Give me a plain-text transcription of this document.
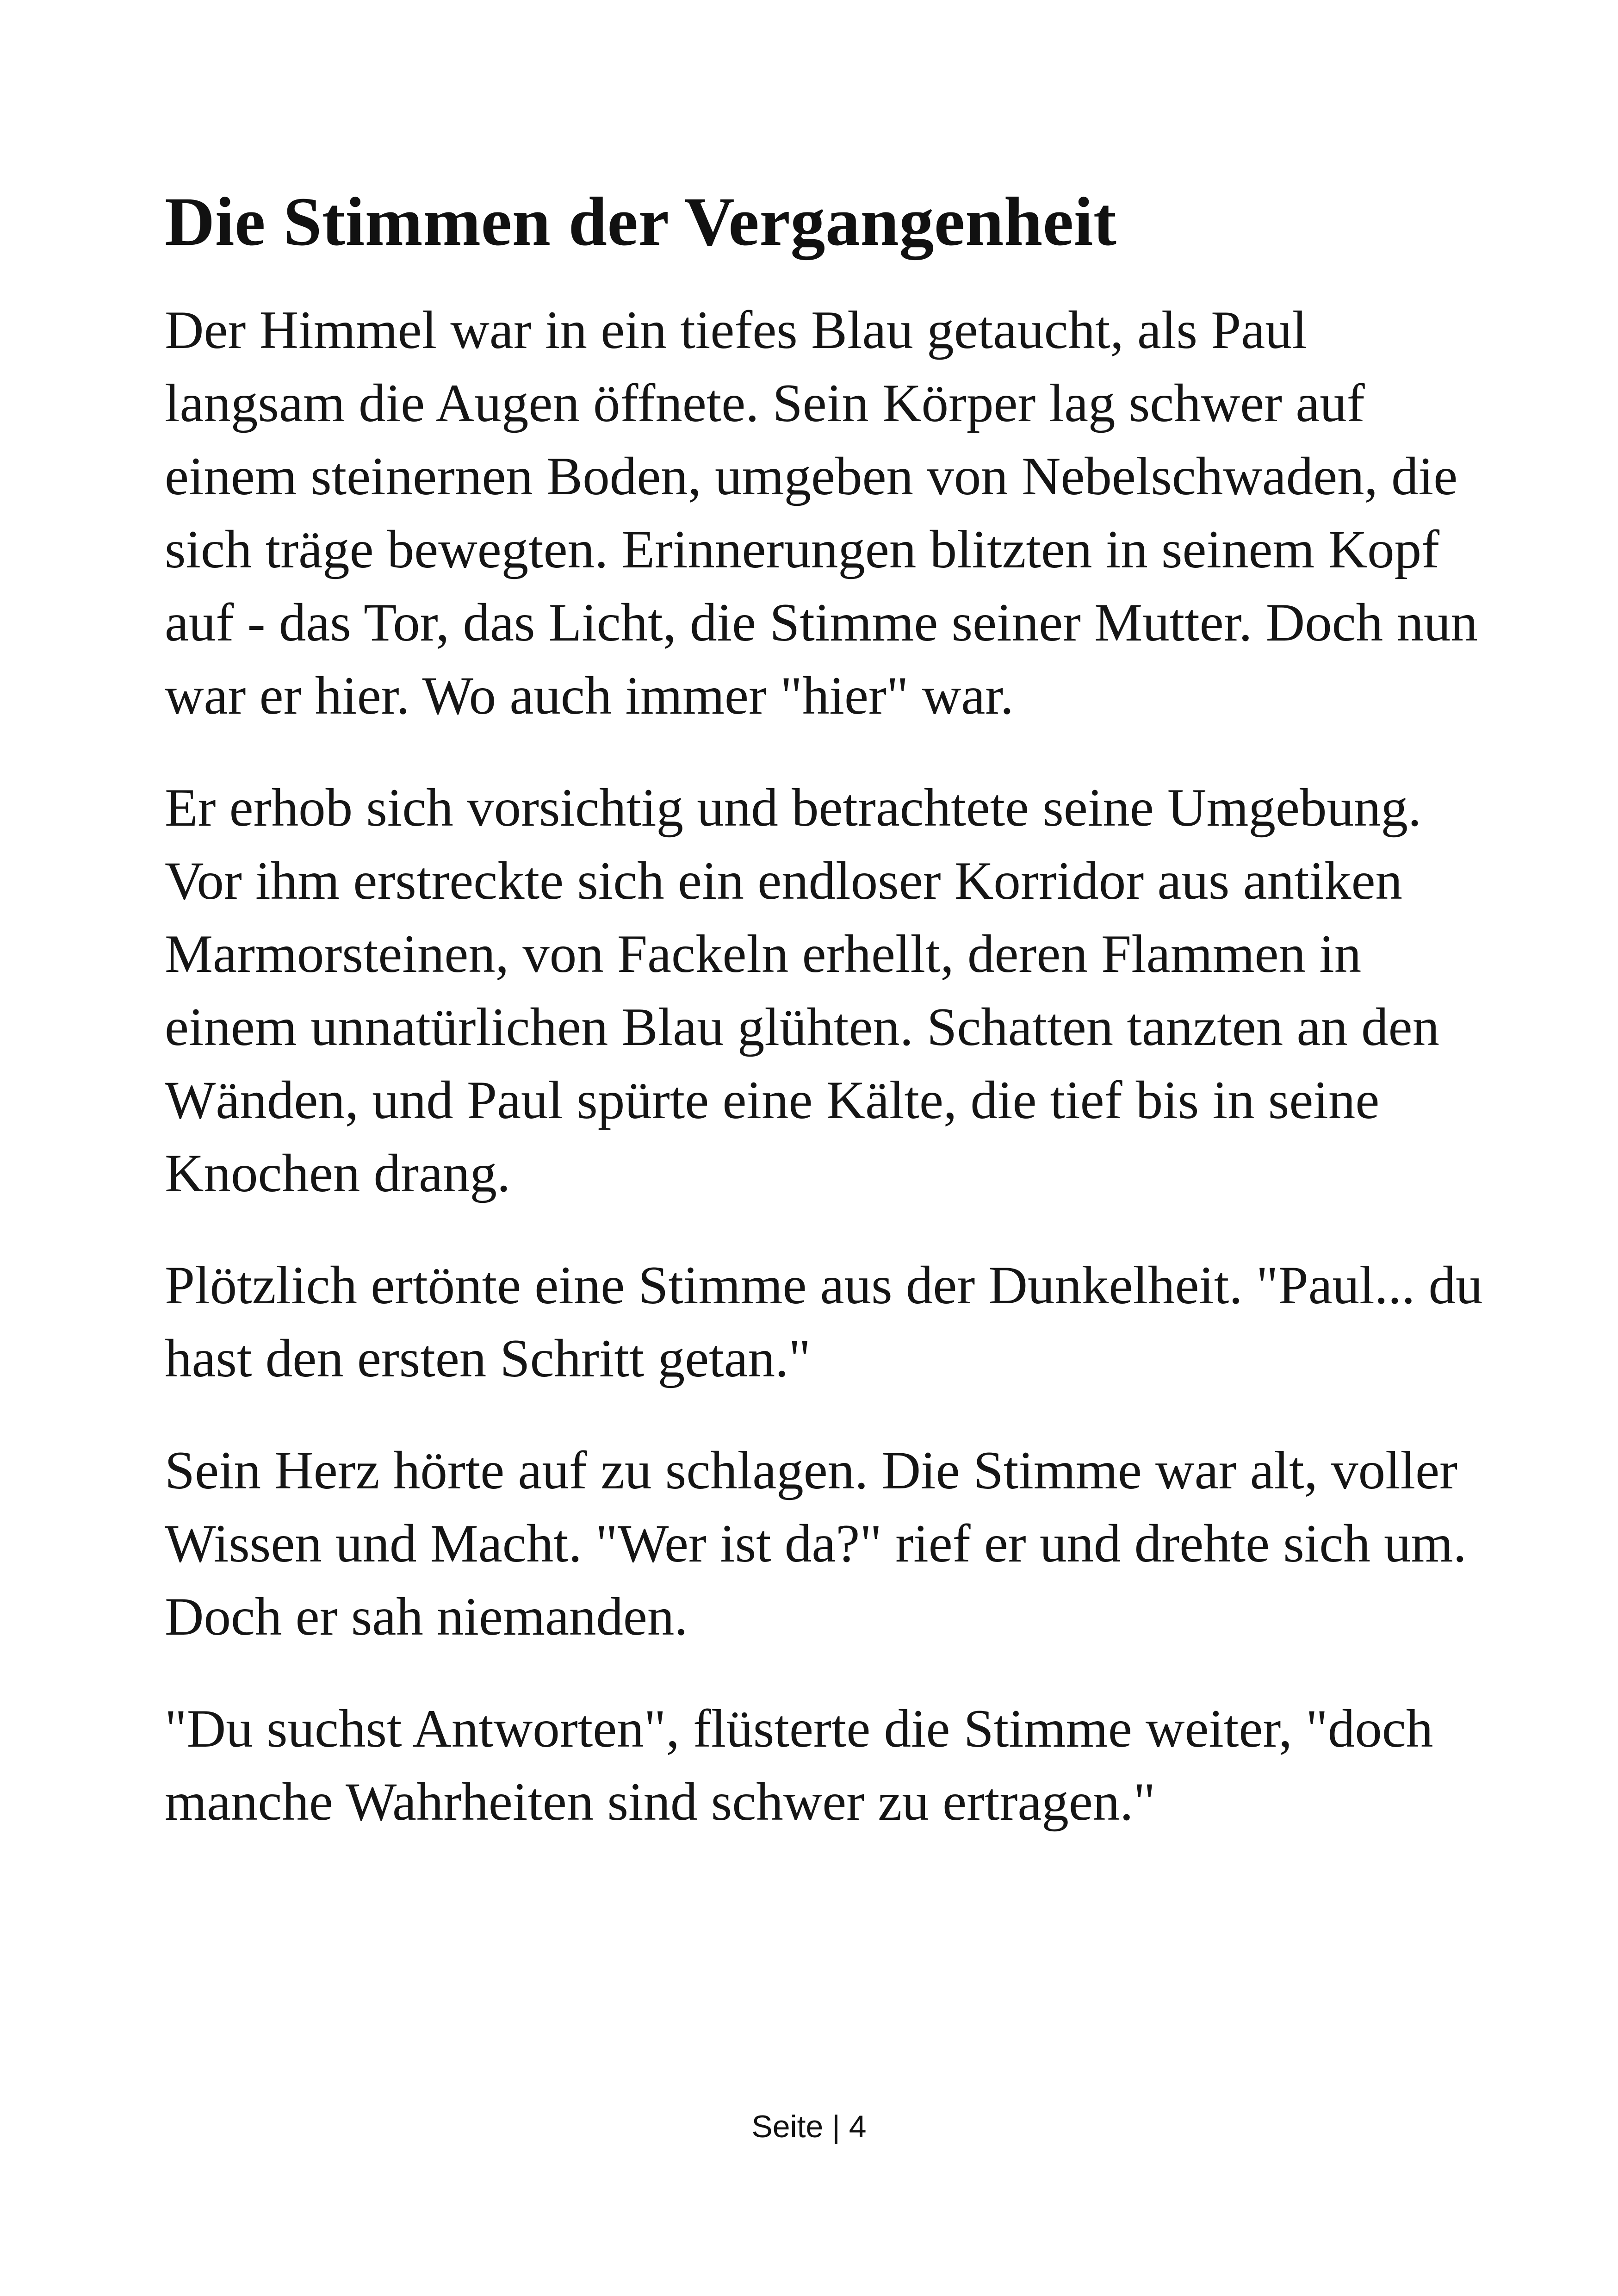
Die Stimmen der Vergangenheit

Der Himmel war in ein tiefes Blau getaucht, als Paul langsam die Augen öffnete. Sein Körper lag schwer auf einem steinernen Boden, umgeben von Nebelschwaden, die sich träge bewegten. Erinnerungen blitzten in seinem Kopf auf - das Tor, das Licht, die Stimme seiner Mutter. Doch nun war er hier. Wo auch immer "hier" war.

Er erhob sich vorsichtig und betrachtete seine Umgebung. Vor ihm erstreckte sich ein endloser Korridor aus antiken Marmorsteinen, von Fackeln erhellt, deren Flammen in einem unnatürlichen Blau glühten. Schatten tanzten an den Wänden, und Paul spürte eine Kälte, die tief bis in seine Knochen drang.

Plötzlich ertönte eine Stimme aus der Dunkelheit. "Paul... du hast den ersten Schritt getan."

Sein Herz hörte auf zu schlagen. Die Stimme war alt, voller Wissen und Macht. "Wer ist da?" rief er und drehte sich um. Doch er sah niemanden.

"Du suchst Antworten", flüsterte die Stimme weiter, "doch manche Wahrheiten sind schwer zu ertragen."

Seite | 4
